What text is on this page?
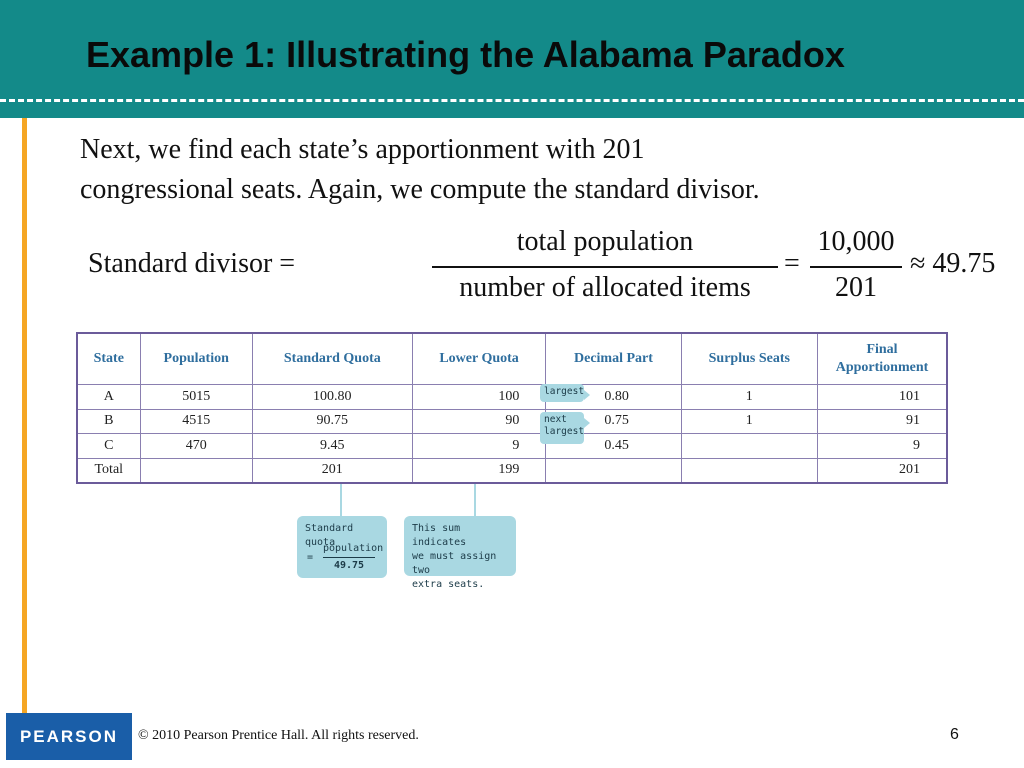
Example 1: Illustrating the Alabama Paradox
Next, we find each state’s apportionment with 201
congressional seats. Again, we compute the standard divisor.
Standard divisor =
total population
number of allocated items
=
10,000
201
≈ 49.75
State	Population	Standard Quota	Lower Quota	Decimal Part	Surplus Seats	Final Apportionment
A	5015	100.80	100	0.80	1	101
B	4515	90.75	90	0.75	1	91
C	470	9.45	9	0.45		9
Total		201	199			201
largest
next
largest
Standard quota
=
population
49.75
This sum indicates
we must assign two
extra seats.
PEARSON	© 2010 Pearson Prentice Hall. All rights reserved.	6
